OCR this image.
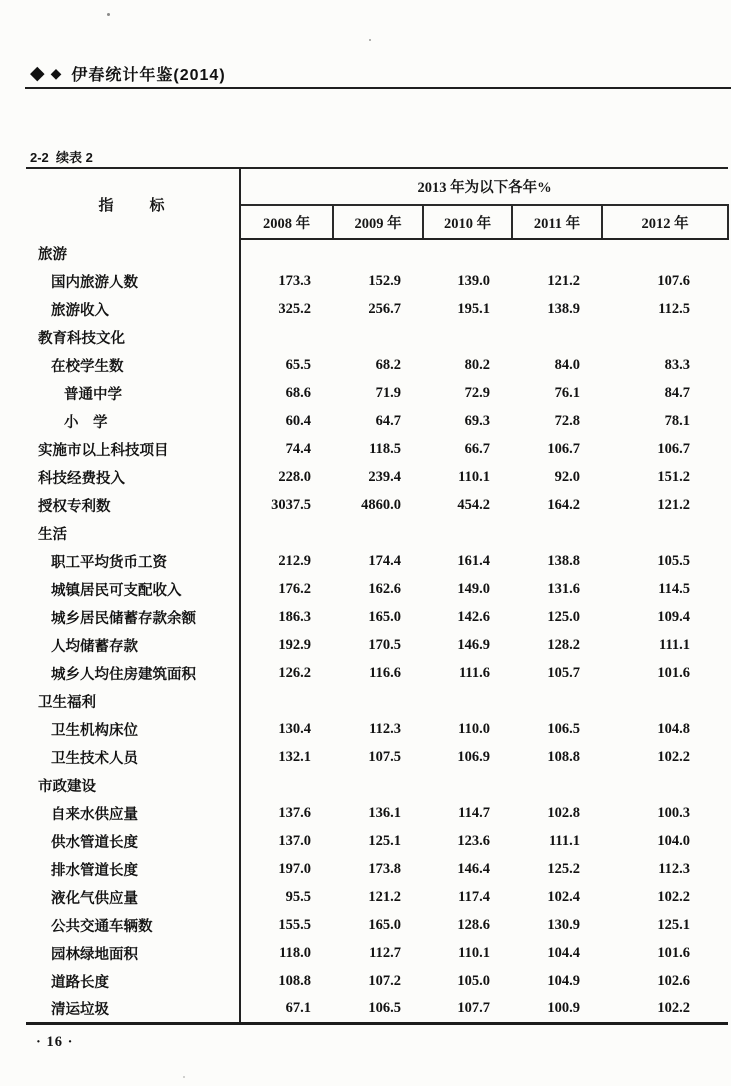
◆ ◆ 伊春统计年鉴(2014)
2-2  续表 2
指　　标	2013 年为以下各年%				
	2008 年	2009 年	2010 年	2011 年	2012 年
旅游					
国内旅游人数	173.3	152.9	139.0	121.2	107.6
旅游收入	325.2	256.7	195.1	138.9	112.5
教育科技文化					
在校学生数	65.5	68.2	80.2	84.0	83.3
普通中学	68.6	71.9	72.9	76.1	84.7
小　学	60.4	64.7	69.3	72.8	78.1
实施市以上科技项目	74.4	118.5	66.7	106.7	106.7
科技经费投入	228.0	239.4	110.1	92.0	151.2
授权专利数	3037.5	4860.0	454.2	164.2	121.2
生活					
职工平均货币工资	212.9	174.4	161.4	138.8	105.5
城镇居民可支配收入	176.2	162.6	149.0	131.6	114.5
城乡居民储蓄存款余额	186.3	165.0	142.6	125.0	109.4
人均储蓄存款	192.9	170.5	146.9	128.2	111.1
城乡人均住房建筑面积	126.2	116.6	111.6	105.7	101.6
卫生福利					
卫生机构床位	130.4	112.3	110.0	106.5	104.8
卫生技术人员	132.1	107.5	106.9	108.8	102.2
市政建设					
自来水供应量	137.6	136.1	114.7	102.8	100.3
供水管道长度	137.0	125.1	123.6	111.1	104.0
排水管道长度	197.0	173.8	146.4	125.2	112.3
液化气供应量	95.5	121.2	117.4	102.4	102.2
公共交通车辆数	155.5	165.0	128.6	130.9	125.1
园林绿地面积	118.0	112.7	110.1	104.4	101.6
道路长度	108.8	107.2	105.0	104.9	102.6
清运垃圾	67.1	106.5	107.7	100.9	102.2
· 16 ·
